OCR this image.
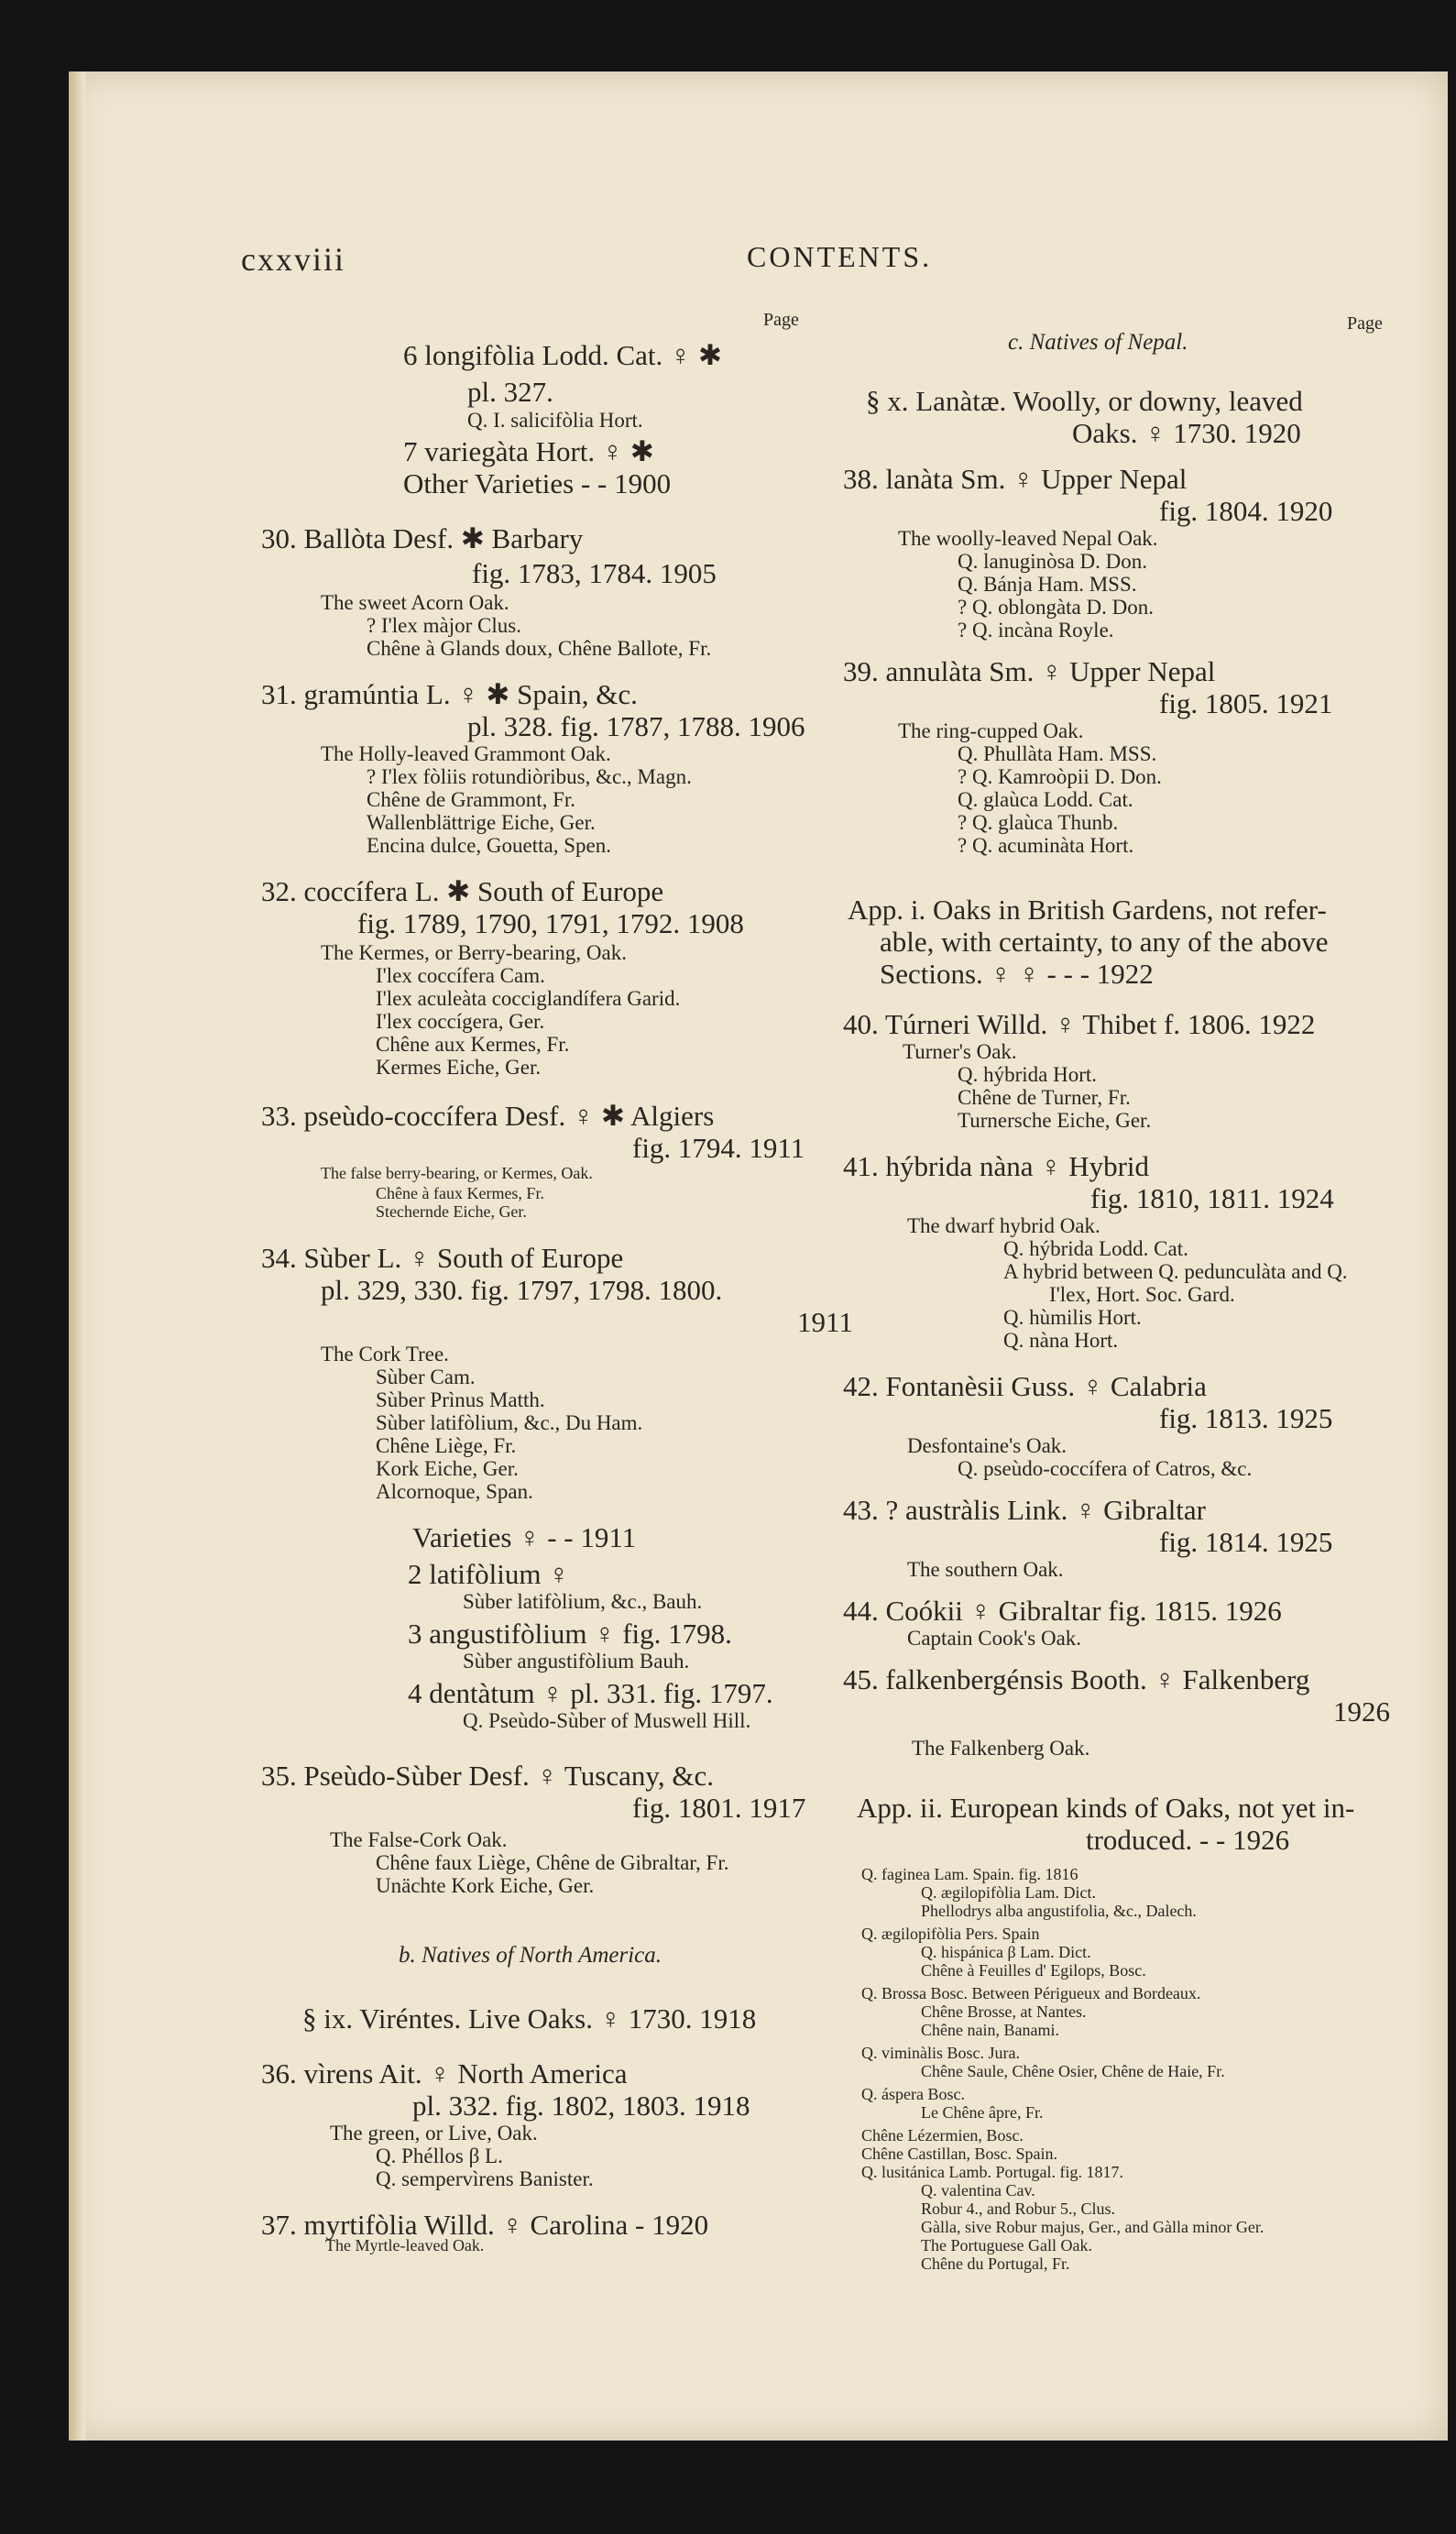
cxxviii	CONTENTS.
Page	Page
6 longifòlia Lodd. Cat. ♀ ✱
pl. 327.
Q. I. salicifòlia Hort.
7 variegàta Hort. ♀ ✱
Other Varieties - - 1900
30. Ballòta Desf. ✱ Barbary
fig. 1783, 1784. 1905
The sweet Acorn Oak.
? I'lex màjor Clus.
Chêne à Glands doux, Chêne Ballote, Fr.
31. gramúntia L. ♀ ✱ Spain, &c.
pl. 328. fig. 1787, 1788. 1906
The Holly-leaved Grammont Oak.
? I'lex fòliis rotundiòribus, &c., Magn.
Chêne de Grammont, Fr.
Wallenblättrige Eiche, Ger.
Encina dulce, Gouetta, Spen.
32. coccífera L. ✱ South of Europe
fig. 1789, 1790, 1791, 1792. 1908
The Kermes, or Berry-bearing, Oak.
I'lex coccífera Cam.
I'lex aculeàta cocciglandífera Garid.
I'lex coccígera, Ger.
Chêne aux Kermes, Fr.
Kermes Eiche, Ger.
33. pseùdo-coccífera Desf. ♀ ✱ Algiers
fig. 1794. 1911
The false berry-bearing, or Kermes, Oak.
Chêne à faux Kermes, Fr.
Stechernde Eiche, Ger.
34. Sùber L. ♀ South of Europe
pl. 329, 330. fig. 1797, 1798. 1800.
1911
The Cork Tree.
Sùber Cam.
Sùber Prìnus Matth.
Sùber latifòlium, &c., Du Ham.
Chêne Liège, Fr.
Kork Eiche, Ger.
Alcornoque, Span.
Varieties ♀ - - 1911
2 latifòlium ♀
Sùber latifòlium, &c., Bauh.
3 angustifòlium ♀ fig. 1798.
Sùber angustifòlium Bauh.
4 dentàtum ♀ pl. 331. fig. 1797.
Q. Pseùdo-Sùber of Muswell Hill.
35. Pseùdo-Sùber Desf. ♀ Tuscany, &c.
fig. 1801. 1917
The False-Cork Oak.
Chêne faux Liège, Chêne de Gibraltar, Fr.
Unächte Kork Eiche, Ger.
b. Natives of North America.
§ ix. Viréntes. Live Oaks. ♀ 1730. 1918
36. vìrens Ait. ♀ North America
pl. 332. fig. 1802, 1803. 1918
The green, or Live, Oak.
Q. Phéllos β L.
Q. sempervìrens Banister.
37. myrtifòlia Willd. ♀ Carolina - 1920
The Myrtle-leaved Oak.
c. Natives of Nepal.
§ x. Lanàtæ. Woolly, or downy, leaved
Oaks. ♀ 1730. 1920
38. lanàta Sm. ♀ Upper Nepal
fig. 1804. 1920
The woolly-leaved Nepal Oak.
Q. lanuginòsa D. Don.
Q. Bánja Ham. MSS.
? Q. oblongàta D. Don.
? Q. incàna Royle.
39. annulàta Sm. ♀ Upper Nepal
fig. 1805. 1921
The ring-cupped Oak.
Q. Phullàta Ham. MSS.
? Q. Kamroòpii D. Don.
Q. glaùca Lodd. Cat.
? Q. glaùca Thunb.
? Q. acuminàta Hort.
App. i. Oaks in British Gardens, not refer-
able, with certainty, to any of the above
Sections. ♀ ♀ - - - 1922
40. Túrneri Willd. ♀ Thibet f. 1806. 1922
Turner's Oak.
Q. hýbrida Hort.
Chêne de Turner, Fr.
Turnersche Eiche, Ger.
41. hýbrida nàna ♀ Hybrid
fig. 1810, 1811. 1924
The dwarf hybrid Oak.
Q. hýbrida Lodd. Cat.
A hybrid between Q. pedunculàta and Q.
I'lex, Hort. Soc. Gard.
Q. hùmilis Hort.
Q. nàna Hort.
42. Fontanèsii Guss. ♀ Calabria
fig. 1813. 1925
Desfontaine's Oak.
Q. pseùdo-coccífera of Catros, &c.
43. ? austràlis Link. ♀ Gibraltar
fig. 1814. 1925
The southern Oak.
44. Coókii ♀ Gibraltar fig. 1815. 1926
Captain Cook's Oak.
45. falkenbergénsis Booth. ♀ Falkenberg
1926
The Falkenberg Oak.
App. ii. European kinds of Oaks, not yet in-
troduced. - - 1926
Q. faginea Lam. Spain. fig. 1816
Q. ægilopifòlia Lam. Dict.
Phellodrys alba angustifolia, &c., Dalech.
Q. ægilopifòlia Pers. Spain
Q. hispánica β Lam. Dict.
Chêne à Feuilles d' Egilops, Bosc.
Q. Brossa Bosc. Between Périgueux and Bordeaux.
Chêne Brosse, at Nantes.
Chêne nain, Banami.
Q. viminàlis Bosc. Jura.
Chêne Saule, Chêne Osier, Chêne de Haie, Fr.
Q. áspera Bosc.
Le Chêne âpre, Fr.
Chêne Lézermien, Bosc.
Chêne Castillan, Bosc. Spain.
Q. lusitánica Lamb. Portugal. fig. 1817.
Q. valentina Cav.
Robur 4., and Robur 5., Clus.
Gàlla, sive Robur majus, Ger., and Gàlla minor Ger.
The Portuguese Gall Oak.
Chêne du Portugal, Fr.
